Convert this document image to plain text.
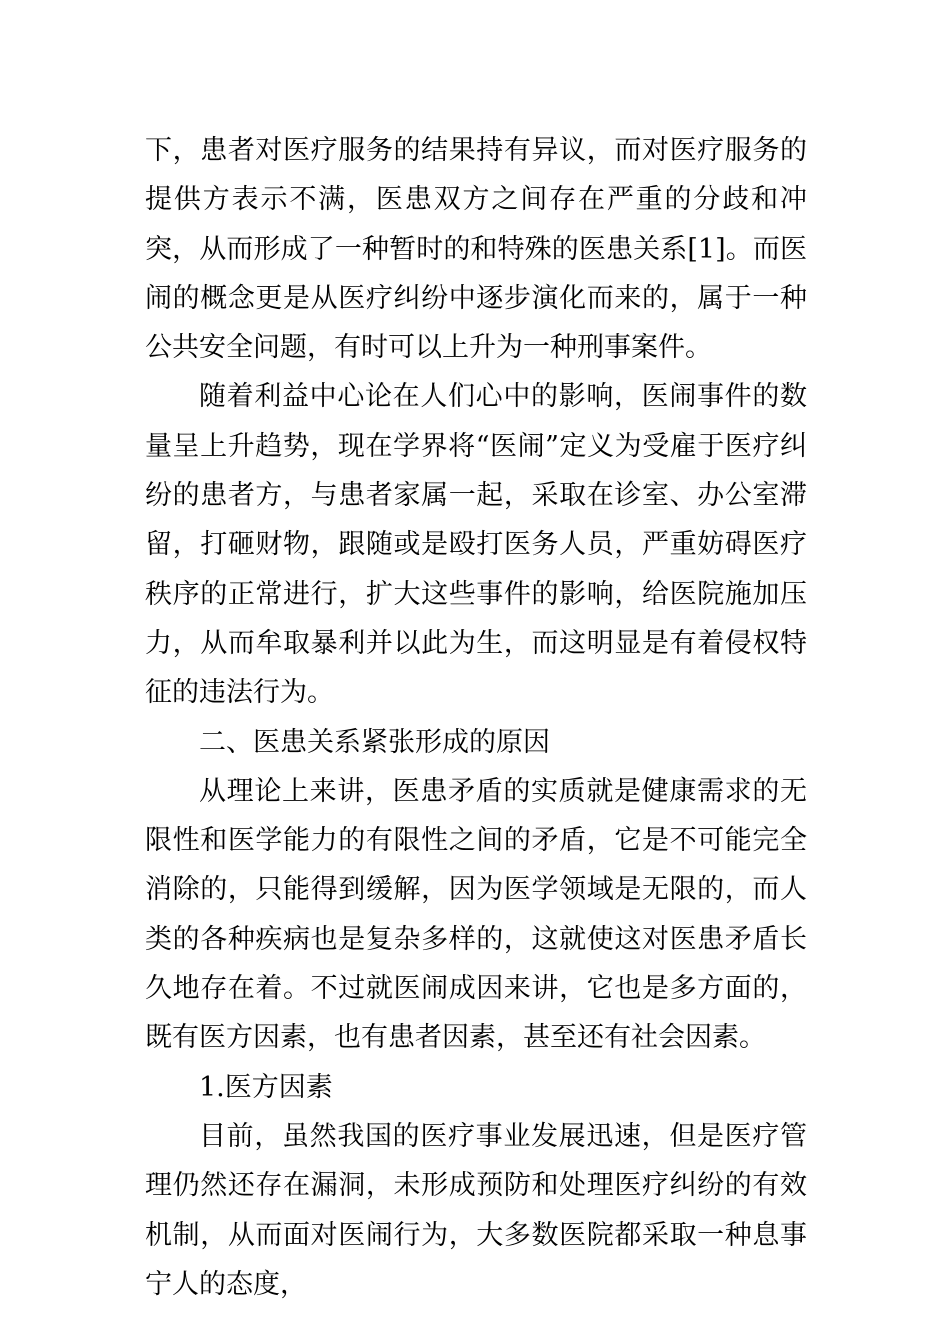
下，患者对医疗服务的结果持有异议，而对医疗服务的提供方表示不满，医患双方之间存在严重的分歧和冲突，从而形成了一种暂时的和特殊的医患关系[1]。而医闹的概念更是从医疗纠纷中逐步演化而来的，属于一种公共安全问题，有时可以上升为一种刑事案件。

随着利益中心论在人们心中的影响，医闹事件的数量呈上升趋势，现在学界将“医闹”定义为受雇于医疗纠纷的患者方，与患者家属一起，采取在诊室、办公室滞留，打砸财物，跟随或是殴打医务人员，严重妨碍医疗秩序的正常进行，扩大这些事件的影响，给医院施加压力，从而牟取暴利并以此为生，而这明显是有着侵权特征的违法行为。

二、医患关系紧张形成的原因

从理论上来讲，医患矛盾的实质就是健康需求的无限性和医学能力的有限性之间的矛盾，它是不可能完全消除的，只能得到缓解，因为医学领域是无限的，而人类的各种疾病也是复杂多样的，这就使这对医患矛盾长久地存在着。不过就医闹成因来讲，它也是多方面的，既有医方因素，也有患者因素，甚至还有社会因素。

1.医方因素

目前，虽然我国的医疗事业发展迅速，但是医疗管理仍然还存在漏洞，未形成预防和处理医疗纠纷的有效机制，从而面对医闹行为，大多数医院都采取一种息事宁人的态度，
